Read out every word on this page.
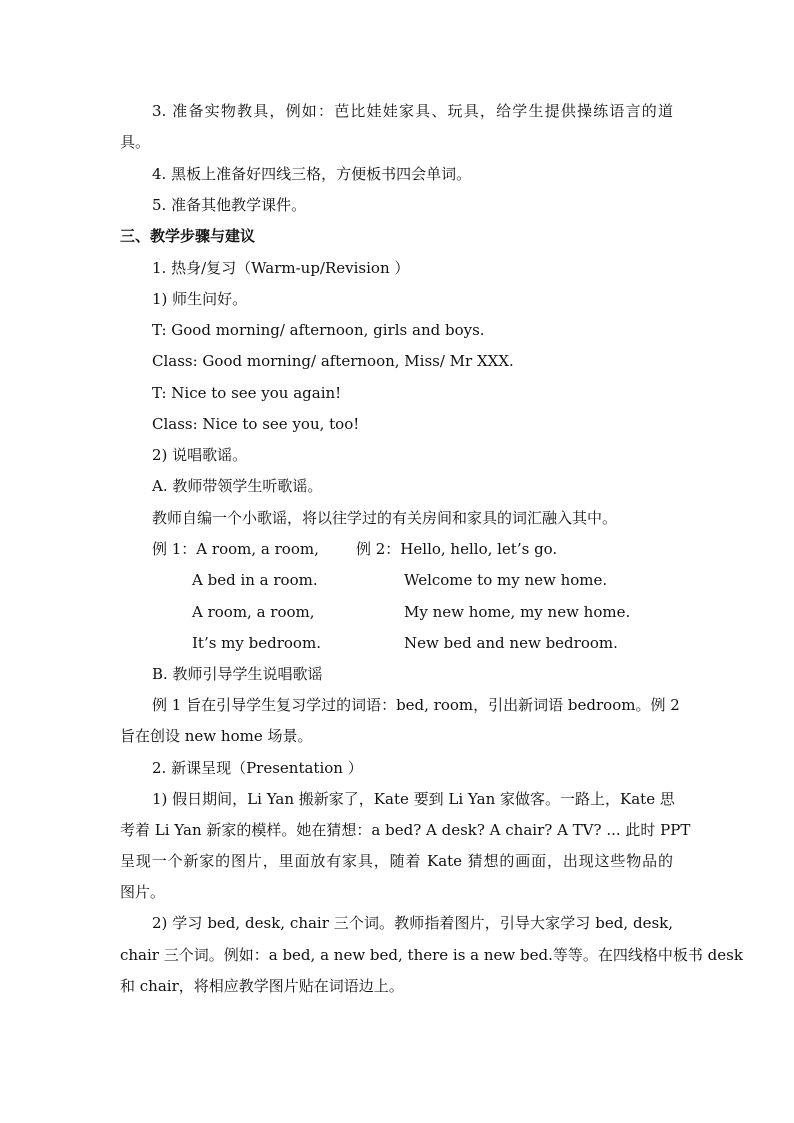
3. 准备实物教具，例如：芭比娃娃家具、玩具，给学生提供操练语言的道
具。
4. 黑板上准备好四线三格，方便板书四会单词。
5. 准备其他教学课件。
三、教学步骤与建议
1. 热身/复习（Warm-up/Revision ）
1) 师生问好。
T: Good morning/ afternoon, girls and boys.
Class: Good morning/ afternoon, Miss/ Mr XXX.
T: Nice to see you again!
Class: Nice to see you, too!
2) 说唱歌谣。
A. 教师带领学生听歌谣。
教师自编一个小歌谣，将以往学过的有关房间和家具的词汇融入其中。
例 1：A room, a room,	例 2：Hello, hello, let’s go.
A bed in a room.	Welcome to my new home.
A room, a room,	My new home, my new home.
It’s my bedroom.	New bed and new bedroom.
B. 教师引导学生说唱歌谣
例 1 旨在引导学生复习学过的词语：bed, room，引出新词语 bedroom。例 2
旨在创设 new home 场景。
2. 新课呈现（Presentation ）
1) 假日期间，Li Yan 搬新家了，Kate 要到 Li Yan 家做客。一路上，Kate 思
考着 Li Yan 新家的模样。她在猜想：a bed? A desk? A chair? A TV? ... 此时 PPT
呈现一个新家的图片，里面放有家具，随着 Kate 猜想的画面，出现这些物品的
图片。
2) 学习 bed, desk, chair 三个词。教师指着图片，引导大家学习 bed, desk,
chair 三个词。例如：a bed, a new bed, there is a new bed.等等。在四线格中板书 desk
和 chair，将相应教学图片贴在词语边上。
